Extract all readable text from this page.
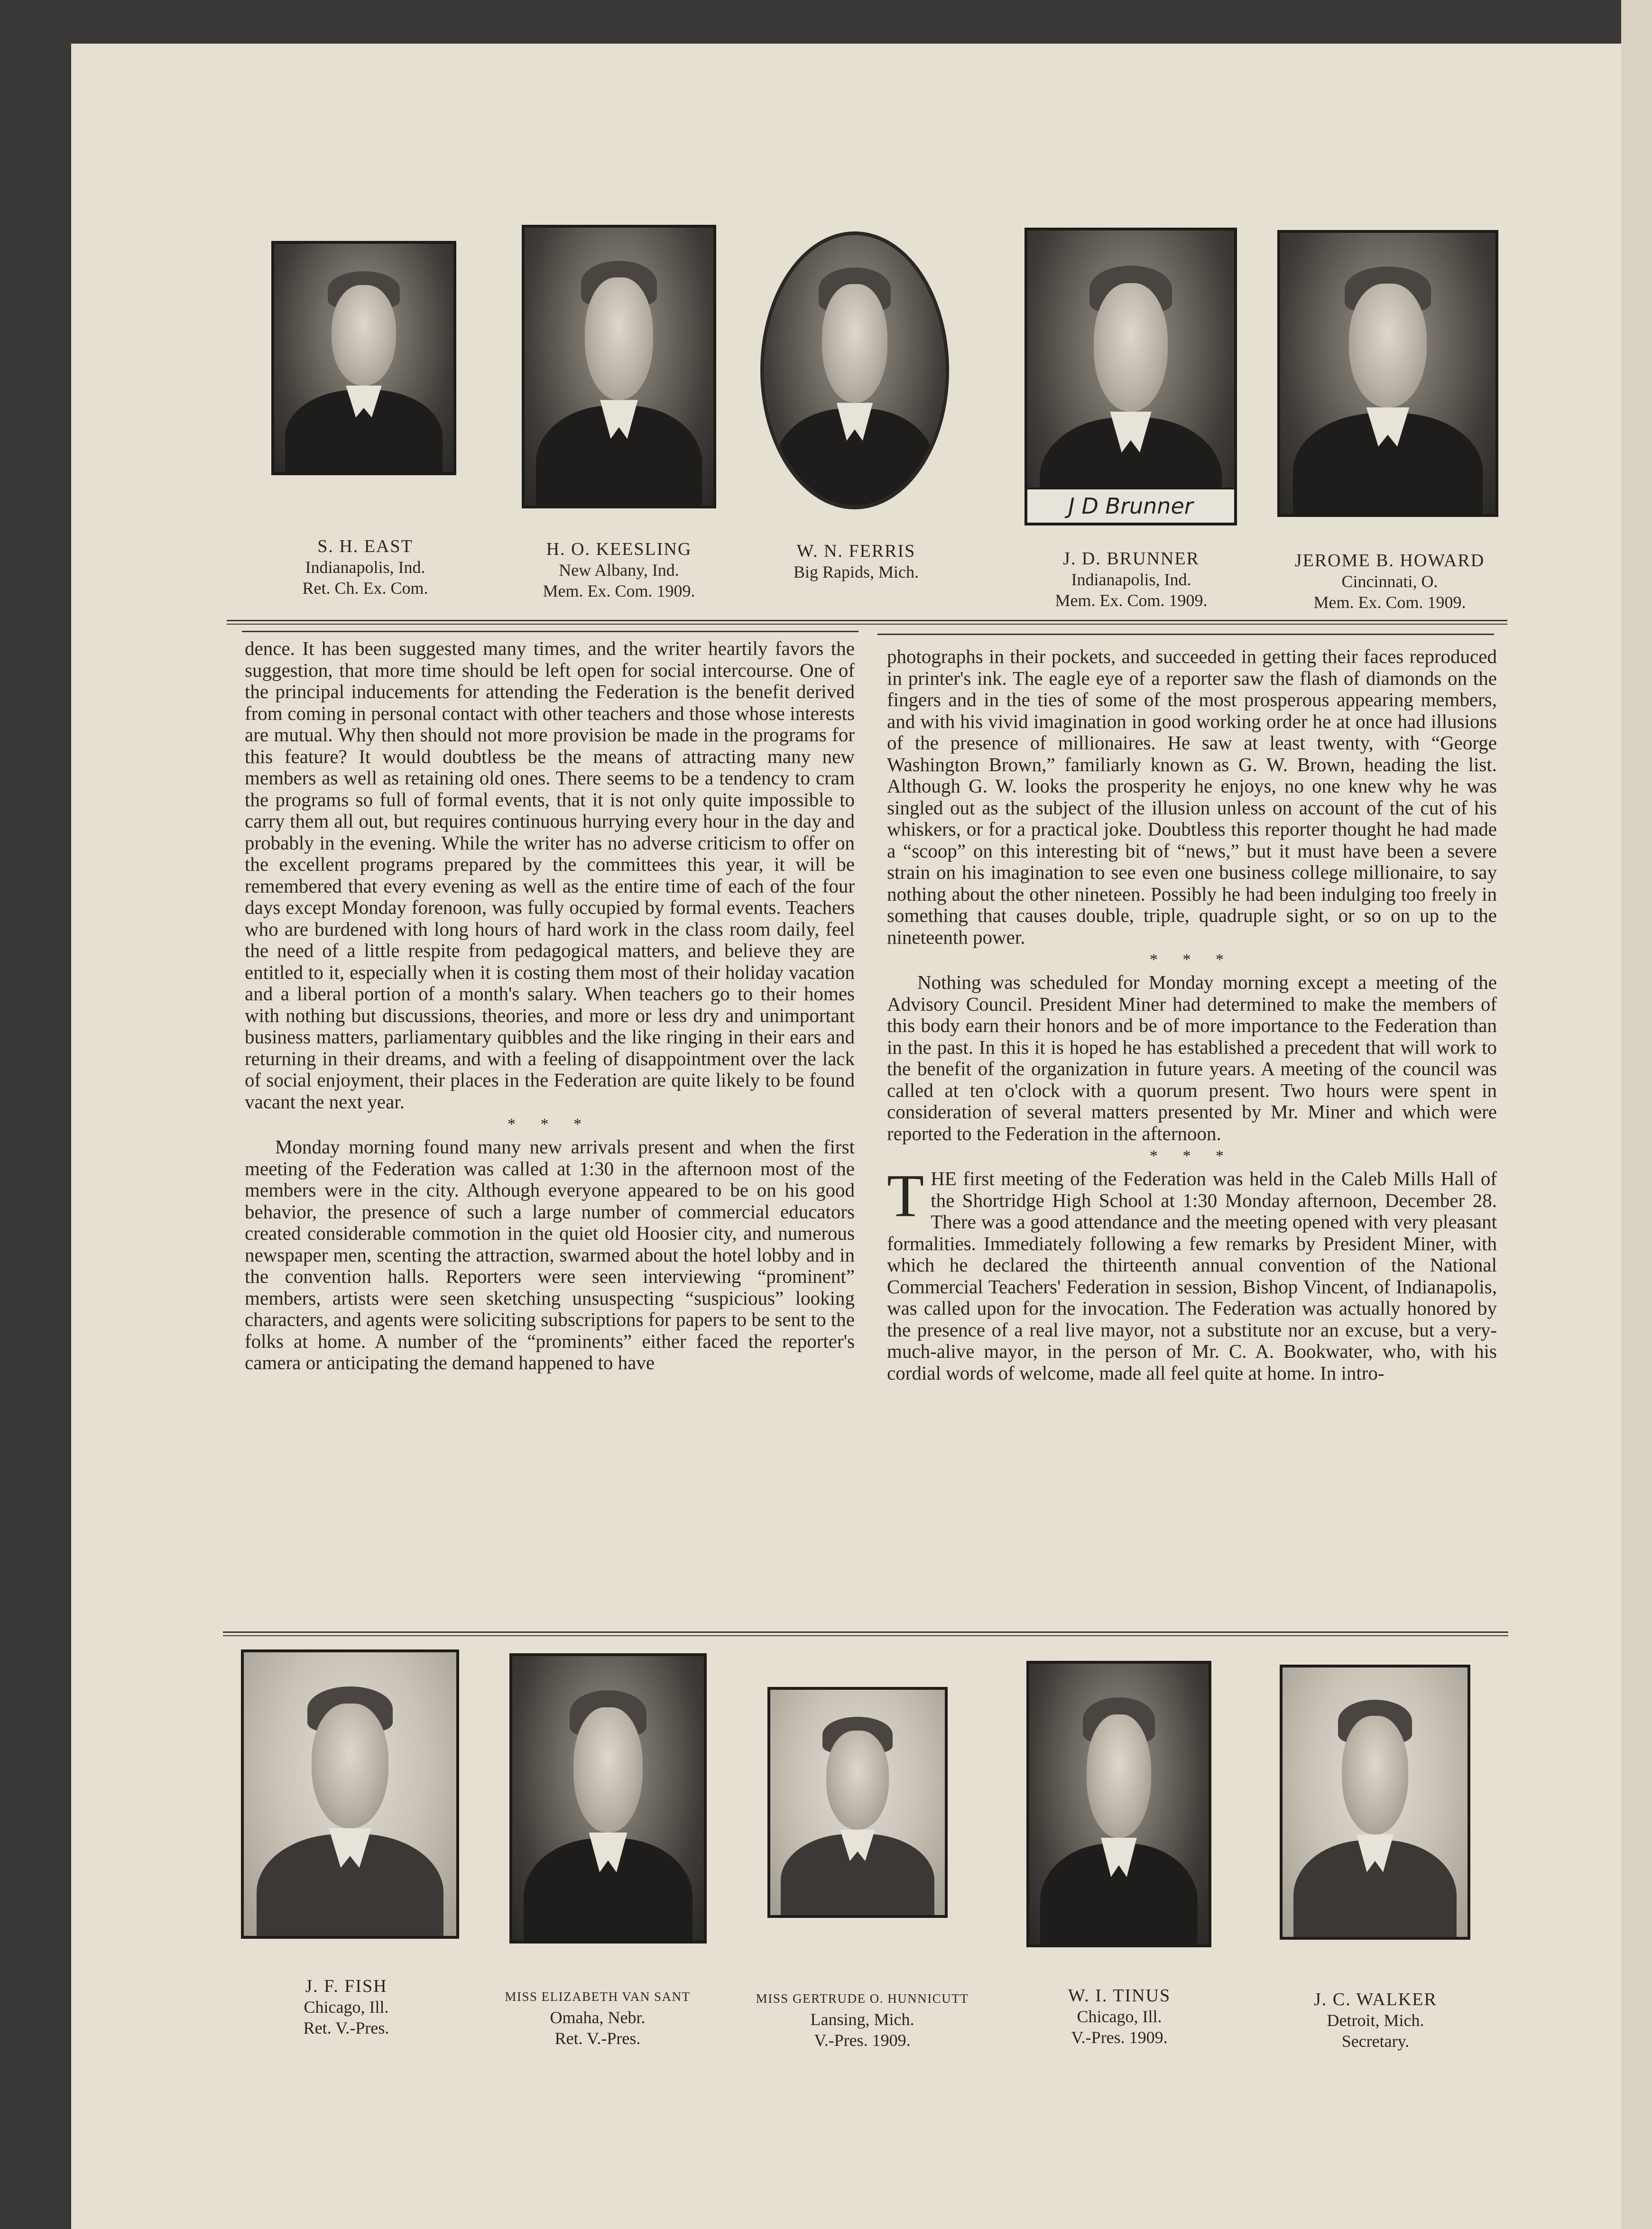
J D Brunner
S. H. EAST
Indianapolis, Ind.
Ret. Ch. Ex. Com.
H. O. KEESLING
New Albany, Ind.
Mem. Ex. Com. 1909.
W. N. FERRIS
Big Rapids, Mich.
J. D. BRUNNER
Indianapolis, Ind.
Mem. Ex. Com. 1909.
JEROME B. HOWARD
Cincinnati, O.
Mem. Ex. Com. 1909.

dence. It has been suggested many times, and the writer heartily favors the suggestion, that more time should be left open for social intercourse. One of the principal inducements for attending the Federation is the benefit derived from coming in personal contact with other teachers and those whose interests are mutual. Why then should not more provision be made in the programs for this feature? It would doubtless be the means of attracting many new members as well as retaining old ones. There seems to be a tendency to cram the programs so full of formal events, that it is not only quite impossible to carry them all out, but requires continuous hurrying every hour in the day and probably in the evening. While the writer has no adverse criticism to offer on the excellent programs prepared by the committees this year, it will be remembered that every evening as well as the entire time of each of the four days except Monday forenoon, was fully occupied by formal events. Teachers who are burdened with long hours of hard work in the class room daily, feel the need of a little respite from pedagogical matters, and believe they are entitled to it, especially when it is costing them most of their holiday vacation and a liberal portion of a month's salary. When teachers go to their homes with nothing but discussions, theories, and more or less dry and unimportant business matters, parliamentary quibbles and the like ringing in their ears and returning in their dreams, and with a feeling of disappointment over the lack of social enjoyment, their places in the Federation are quite likely to be found vacant the next year.

* * *

Monday morning found many new arrivals present and when the first meeting of the Federation was called at 1:30 in the afternoon most of the members were in the city. Although everyone appeared to be on his good behavior, the presence of such a large number of commercial educators created considerable commotion in the quiet old Hoosier city, and numerous newspaper men, scenting the attraction, swarmed about the hotel lobby and in the convention halls. Reporters were seen interviewing “prominent” members, artists were seen sketching unsuspecting “suspicious” looking characters, and agents were soliciting subscriptions for papers to be sent to the folks at home. A number of the “prominents” either faced the reporter's camera or anticipating the demand happened to have

photographs in their pockets, and succeeded in getting their faces reproduced in printer's ink. The eagle eye of a reporter saw the flash of diamonds on the fingers and in the ties of some of the most prosperous appearing members, and with his vivid imagination in good working order he at once had illusions of the presence of millionaires. He saw at least twenty, with “George Washington Brown,” familiarly known as G. W. Brown, heading the list. Although G. W. looks the prosperity he enjoys, no one knew why he was singled out as the subject of the illusion unless on account of the cut of his whiskers, or for a practical joke. Doubtless this reporter thought he had made a “scoop” on this interesting bit of “news,” but it must have been a severe strain on his imagination to see even one business college millionaire, to say nothing about the other nineteen. Possibly he had been indulging too freely in something that causes double, triple, quadruple sight, or so on up to the nineteenth power.

* * *

Nothing was scheduled for Monday morning except a meeting of the Advisory Council. President Miner had determined to make the members of this body earn their honors and be of more importance to the Federation than in the past. In this it is hoped he has established a precedent that will work to the benefit of the organization in future years. A meeting of the council was called at ten o'clock with a quorum present. Two hours were spent in consideration of several matters presented by Mr. Miner and which were reported to the Federation in the afternoon.

* * *

THE first meeting of the Federation was held in the Caleb Mills Hall of the Shortridge High School at 1:30 Monday afternoon, December 28. There was a good attendance and the meeting opened with very pleasant formalities. Immediately following a few remarks by President Miner, with which he declared the thirteenth annual convention of the National Commercial Teachers' Federation in session, Bishop Vincent, of Indianapolis, was called upon for the invocation. The Federation was actually honored by the presence of a real live mayor, not a substitute nor an excuse, but a very-much-alive mayor, in the person of Mr. C. A. Bookwater, who, with his cordial words of welcome, made all feel quite at home. In intro-

J. F. FISH
Chicago, Ill.
Ret. V.-Pres.
MISS ELIZABETH VAN SANT
Omaha, Nebr.
Ret. V.-Pres.
MISS GERTRUDE O. HUNNICUTT
Lansing, Mich.
V.-Pres. 1909.
W. I. TINUS
Chicago, Ill.
V.-Pres. 1909.
J. C. WALKER
Detroit, Mich.
Secretary.
